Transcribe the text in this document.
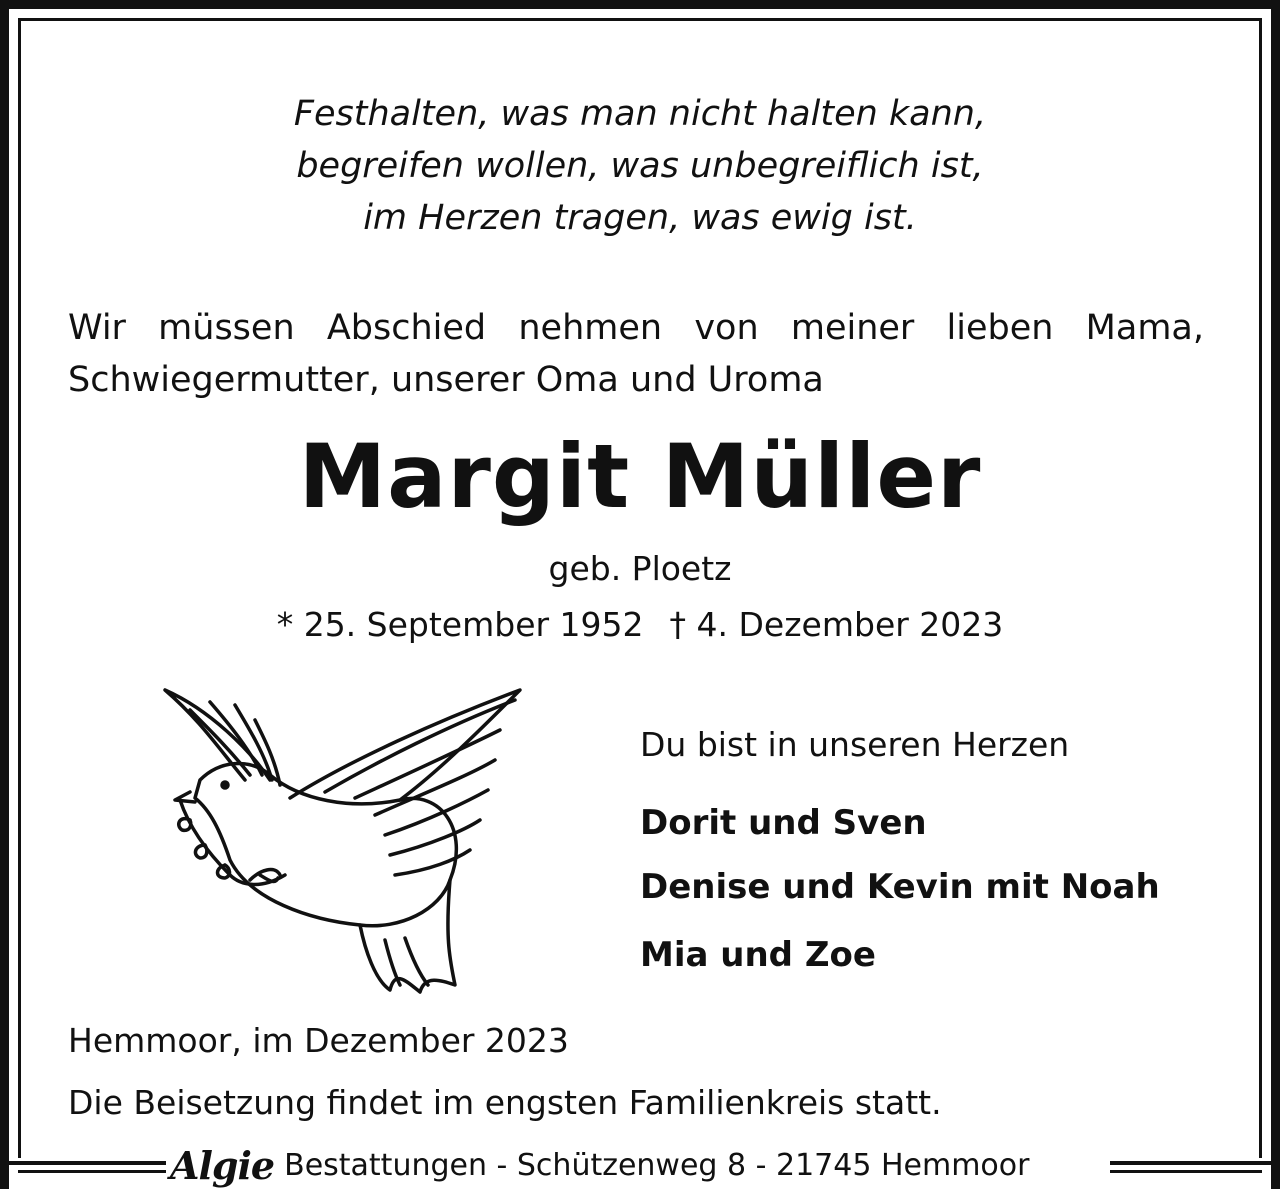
Festhalten, was man nicht halten kann,
begreifen wollen, was unbegreiflich ist,
im Herzen tragen, was ewig ist.
Wir müssen Abschied nehmen von meiner lieben Mama,
Schwiegermutter, unserer Oma und Uroma
Margit Müller
geb. Ploetz
* 25. September 1952 † 4. Dezember 2023
Du bist in unseren Herzen
Dorit und Sven
Denise und Kevin mit Noah
Mia und Zoe
Hemmoor, im Dezember 2023
Die Beisetzung findet im engsten Familienkreis statt.
Algie Bestattungen - Schützenweg 8 - 21745 Hemmoor
